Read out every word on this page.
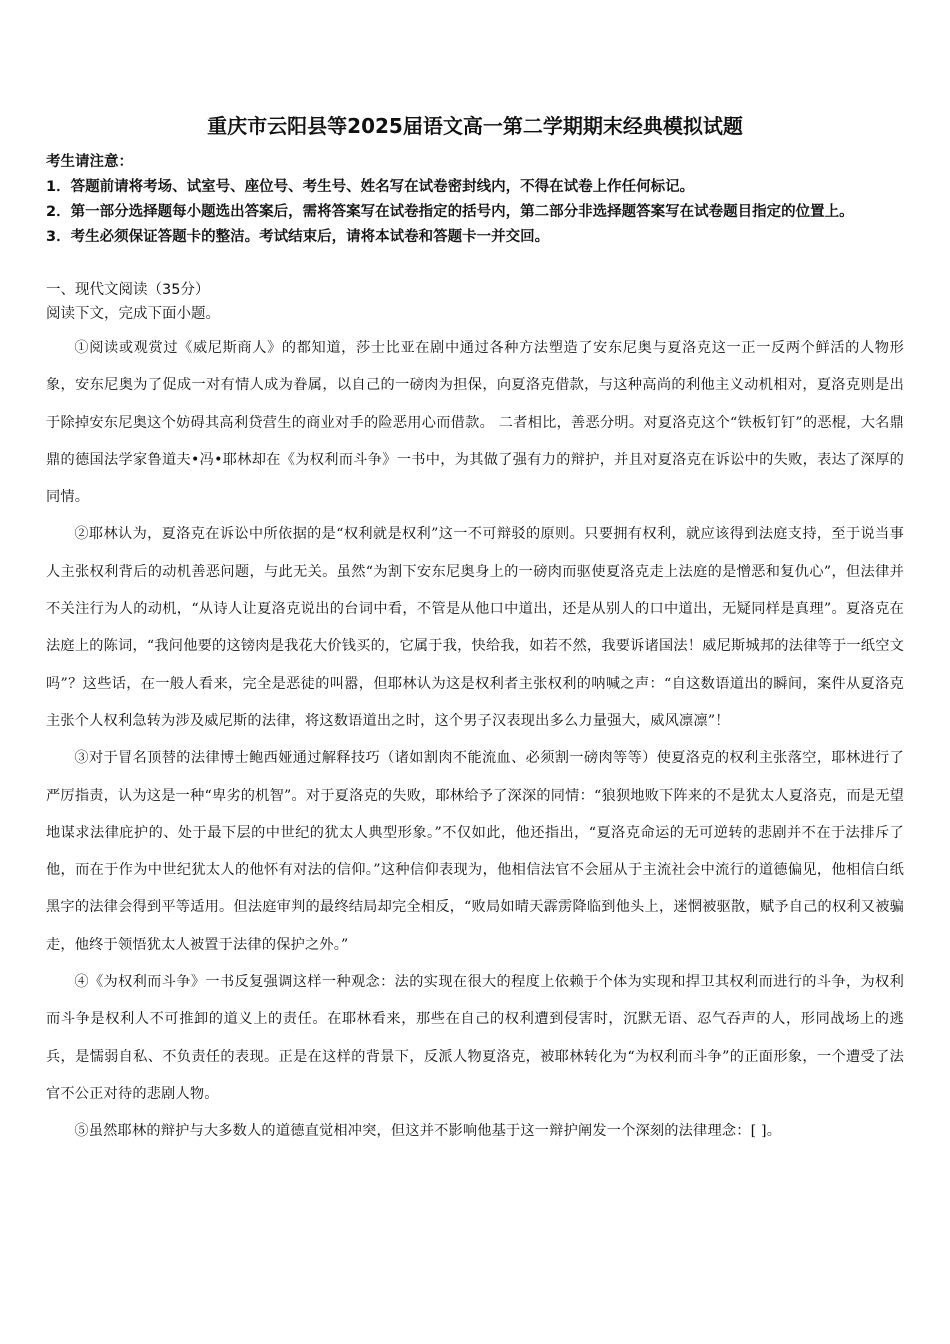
重庆市云阳县等2025届语文高一第二学期期末经典模拟试题

考生请注意：

1．答题前请将考场、试室号、座位号、考生号、姓名写在试卷密封线内，不得在试卷上作任何标记。

2．第一部分选择题每小题选出答案后，需将答案写在试卷指定的括号内，第二部分非选择题答案写在试卷题目指定的位置上。

3．考生必须保证答题卡的整洁。考试结束后，请将本试卷和答题卡一并交回。

一、现代文阅读（35分）
阅读下文，完成下面小题。

①阅读或观赏过《威尼斯商人》的都知道，莎士比亚在剧中通过各种方法塑造了安东尼奥与夏洛克这一正一反两个鲜活的人物形象，安东尼奥为了促成一对有情人成为眷属，以自己的一磅肉为担保，向夏洛克借款，与这种高尚的利他主义动机相对，夏洛克则是出于除掉安东尼奥这个妨碍其高利贷营生的商业对手的险恶用心而借款。 二者相比，善恶分明。对夏洛克这个“铁板钉钉”的恶棍，大名鼎鼎的德国法学家鲁道夫•冯•耶林却在《为权利而斗争》一书中，为其做了强有力的辩护，并且对夏洛克在诉讼中的失败，表达了深厚的同情。

②耶林认为，夏洛克在诉讼中所依据的是“权利就是权利”这一不可辩驳的原则。只要拥有权利，就应该得到法庭支持，至于说当事人主张权利背后的动机善恶问题，与此无关。虽然“为割下安东尼奥身上的一磅肉而驱使夏洛克走上法庭的是憎恶和复仇心”，但法律并不关注行为人的动机，“从诗人让夏洛克说出的台词中看，不管是从他口中道出，还是从别人的口中道出，无疑同样是真理”。夏洛克在法庭上的陈词，“我问他要的这镑肉是我花大价钱买的，它属于我，快给我，如若不然，我要诉诸国法！威尼斯城邦的法律等于一纸空文吗”？这些话，在一般人看来，完全是恶徒的叫嚣，但耶林认为这是权利者主张权利的呐喊之声：“自这数语道出的瞬间，案件从夏洛克主张个人权利急转为涉及威尼斯的法律，将这数语道出之时，这个男子汉表现出多么力量强大，威风凛凛”！

③对于冒名顶替的法律博士鲍西娅通过解释技巧（诸如割肉不能流血、必须割一磅肉等等）使夏洛克的权利主张落空，耶林进行了严厉指责，认为这是一种“卑劣的机智”。对于夏洛克的失败，耶林给予了深深的同情：“狼狈地败下阵来的不是犹太人夏洛克，而是无望地谋求法律庇护的、处于最下层的中世纪的犹太人典型形象。”不仅如此，他还指出，“夏洛克命运的无可逆转的悲剧并不在于法排斥了他，而在于作为中世纪犹太人的他怀有对法的信仰。”这种信仰表现为，他相信法官不会屈从于主流社会中流行的道德偏见，他相信白纸黑字的法律会得到平等适用。但法庭审判的最终结局却完全相反，“败局如晴天霹雳降临到他头上，迷惘被驱散，赋予自己的权利又被骗走，他终于领悟犹太人被置于法律的保护之外。”

④《为权利而斗争》一书反复强调这样一种观念：法的实现在很大的程度上依赖于个体为实现和捍卫其权利而进行的斗争，为权利而斗争是权利人不可推卸的道义上的责任。在耶林看来，那些在自己的权利遭到侵害时，沉默无语、忍气吞声的人，形同战场上的逃兵，是懦弱自私、不负责任的表现。正是在这样的背景下，反派人物夏洛克，被耶林转化为“为权利而斗争”的正面形象，一个遭受了法官不公正对待的悲剧人物。

⑤虽然耶林的辩护与大多数人的道德直觉相冲突，但这并不影响他基于这一辩护阐发一个深刻的法律理念：[ ]。
